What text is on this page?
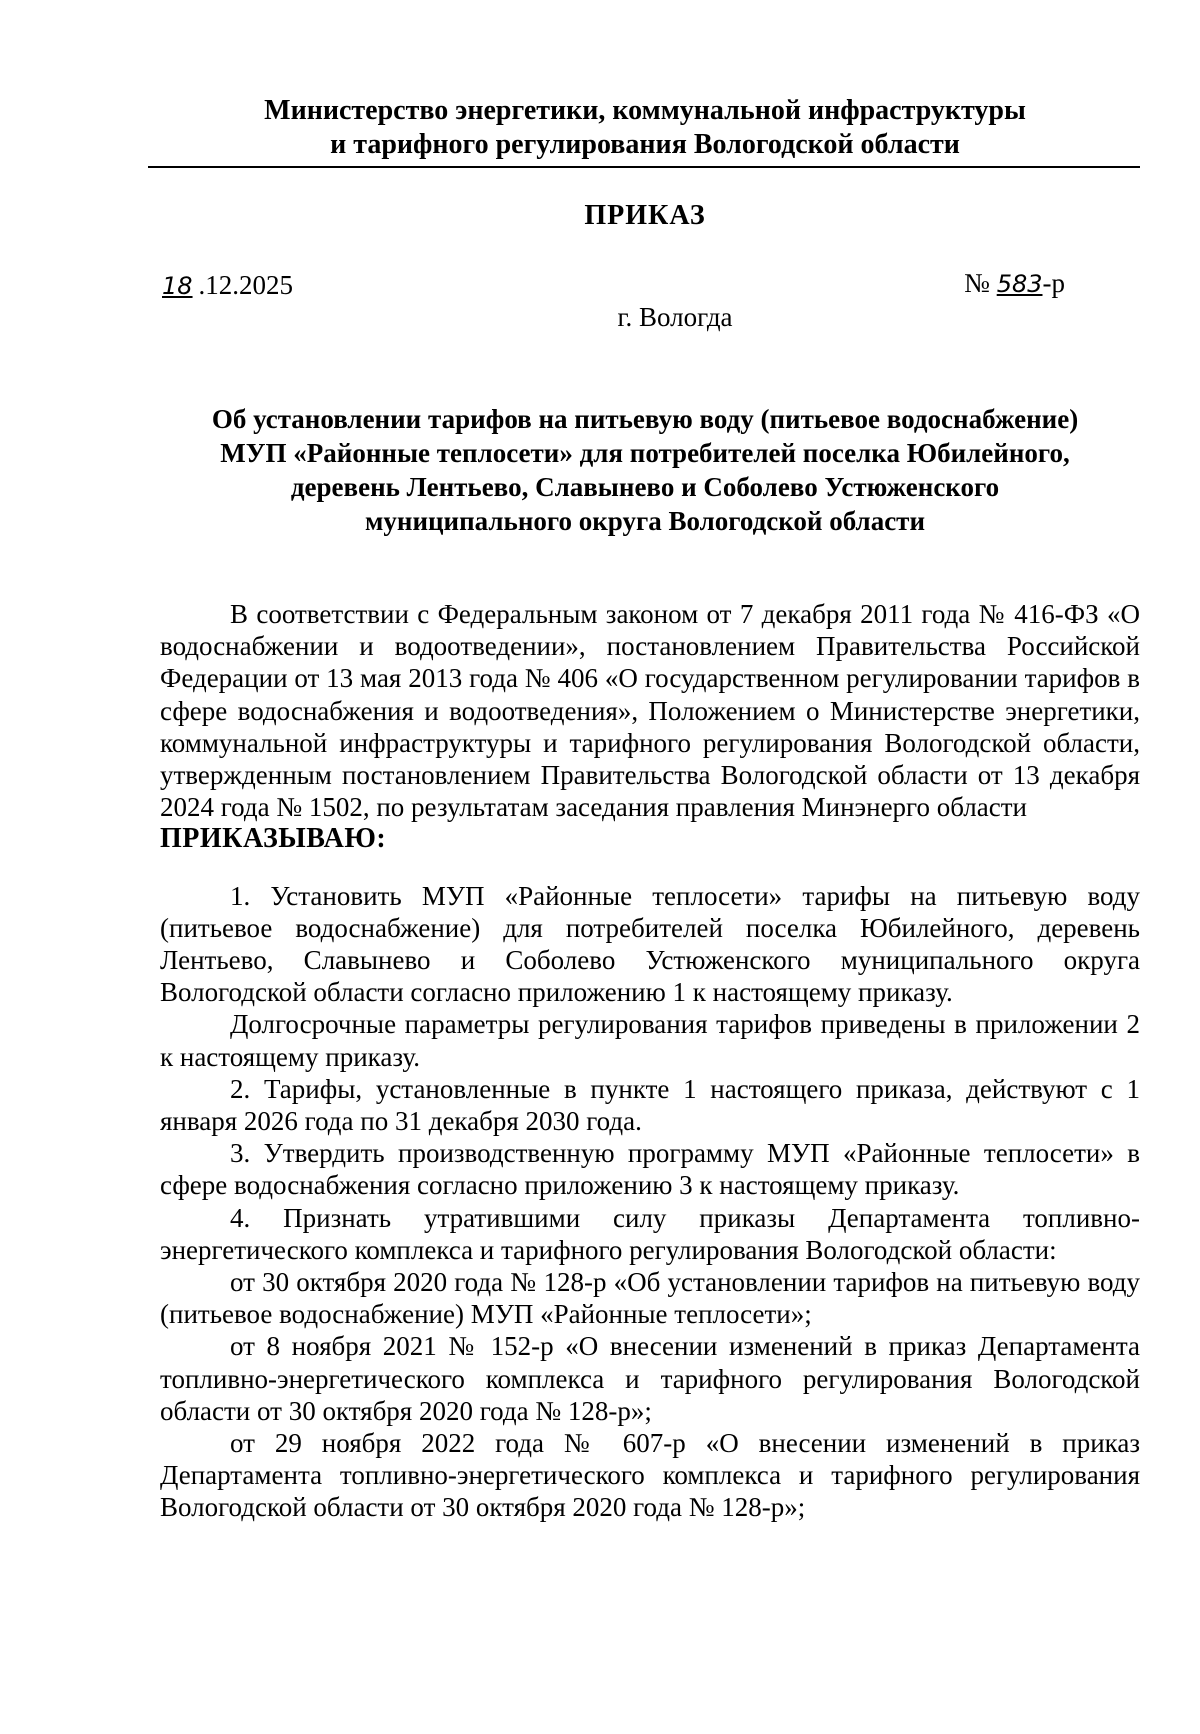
Министерство энергетики, коммунальной инфраструктуры
и тарифного регулирования Вологодской области
ПРИКАЗ
18 .12.2025	№ 583-р
г. Вологда
Об установлении тарифов на питьевую воду (питьевое водоснабжение)
МУП «Районные теплосети» для потребителей поселка Юбилейного,
деревень Лентьево, Славынево и Соболево Устюженского
муниципального округа Вологодской области

В соответствии с Федеральным законом от 7 декабря 2011 года № 416-ФЗ «О водоснабжении и водоотведении», постановлением Правительства Российской Федерации от 13 мая 2013 года № 406 «О государственном регулировании тарифов в сфере водоснабжения и водоотведения», Положением о Министерстве энергетики, коммунальной инфраструктуры и тарифного регулирования Вологодской области, утвержденным постановлением Правительства Вологодской области от 13 декабря 2024 года № 1502, по результатам заседания правления Минэнерго области

ПРИКАЗЫВАЮ:

1. Установить МУП «Районные теплосети» тарифы на питьевую воду (питьевое водоснабжение) для потребителей поселка Юбилейного, деревень Лентьево, Славынево и Соболево Устюженского муниципального округа Вологодской области согласно приложению 1 к настоящему приказу.

Долгосрочные параметры регулирования тарифов приведены в приложении 2 к настоящему приказу.

2. Тарифы, установленные в пункте 1 настоящего приказа, действуют с 1 января 2026 года по 31 декабря 2030 года.

3. Утвердить производственную программу МУП «Районные теплосети» в сфере водоснабжения согласно приложению 3 к настоящему приказу.

4. Признать утратившими силу приказы Департамента топливно-энергетического комплекса и тарифного регулирования Вологодской области:

от 30 октября 2020 года № 128-р «Об установлении тарифов на питьевую воду (питьевое водоснабжение) МУП «Районные теплосети»;

от 8 ноября 2021 № 152-р «О внесении изменений в приказ Департамента топливно-энергетического комплекса и тарифного регулирования Вологодской области от 30 октября 2020 года № 128-р»;

от 29 ноября 2022 года № 607-р «О внесении изменений в приказ Департамента топливно-энергетического комплекса и тарифного регулирования Вологодской области от 30 октября 2020 года № 128-р»;
